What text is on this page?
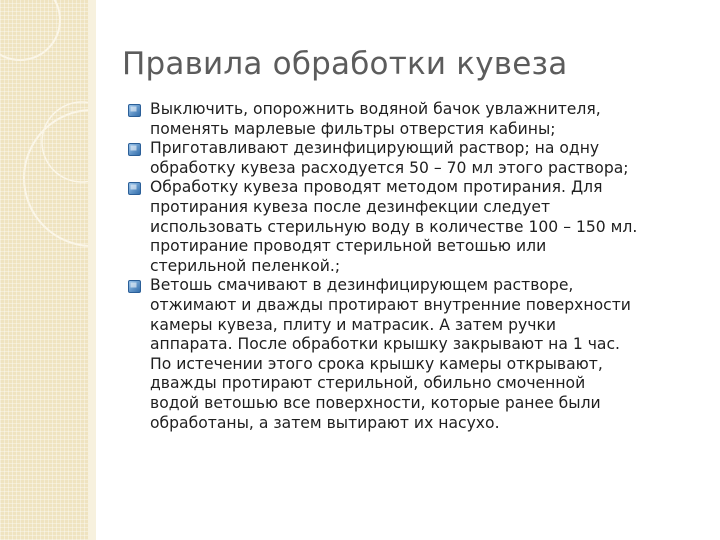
Правила обработки кувеза
Выключить, опорожнить водяной бачок увлажнителя,
поменять марлевые фильтры отверстия кабины;
Приготавливают дезинфицирующий раствор; на одну
обработку кувеза расходуется 50 – 70 мл этого раствора;
Обработку кувеза проводят методом протирания. Для
протирания кувеза после дезинфекции следует
использовать стерильную воду в количестве 100 – 150 мл.
протирание проводят стерильной ветошью или
стерильной пеленкой.;
Ветошь смачивают в дезинфицирующем растворе,
отжимают и дважды протирают внутренние поверхности
камеры кувеза, плиту и матрасик. А затем ручки
аппарата. После обработки крышку закрывают на 1 час.
По истечении этого срока крышку камеры открывают,
дважды протирают стерильной, обильно смоченной
водой ветошью все поверхности, которые ранее были
обработаны, а затем вытирают их насухо.
